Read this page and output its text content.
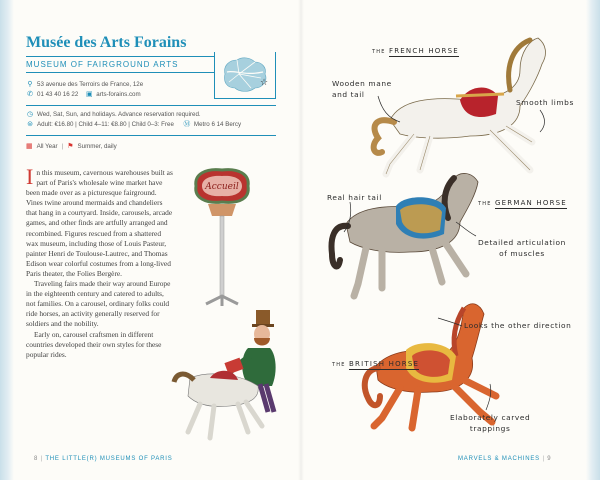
Musée des Arts Forains
MUSEUM OF FAIRGROUND ARTS
☆
⚲ 53 avenue des Terroirs de France, 12e
✆ 01 43 40 16 22 ▣ arts-forains.com
◷ Wed, Sat, Sun, and holidays. Advance reservation required.
⊜ Adult: €16.80 | Child 4–11: €8.80 | Child 0–3: Free Ⓜ Metro 6 14 Bercy
▦ All Year | ⚑ Summer, daily

In this museum, cavernous warehouses built as part of Paris's wholesale wine market have been made over as a picturesque fairground. Vines twine around mermaids and chandeliers that hang in a courtyard. Inside, carousels, arcade games, and other finds are artfully arranged and recombined. Figures rescued from a shattered wax museum, including those of Louis Pasteur, painter Henri de Toulouse-Lautrec, and Thomas Edison wear colorful costumes from a long-lived Paris theater, the Folies Bergère.

Traveling fairs made their way around Europe in the eighteenth century and catered to adults, not families. On a carousel, ordinary folks could ride horses, an activity generally reserved for soldiers and the nobility.

Early on, carousel craftsmen in different countries developed their own styles for these popular rides.

Accueil
THE FRENCH HORSE
Wooden mane
and tail
Smooth limbs
Real hair tail
THE GERMAN HORSE
Detailed articulation
of muscles
Looks the other direction
THE BRITISH HORSE
Elaborately carved
trappings
8 | THE LITTLE(R) MUSEUMS OF PARIS	MARVELS & MACHINES | 9
